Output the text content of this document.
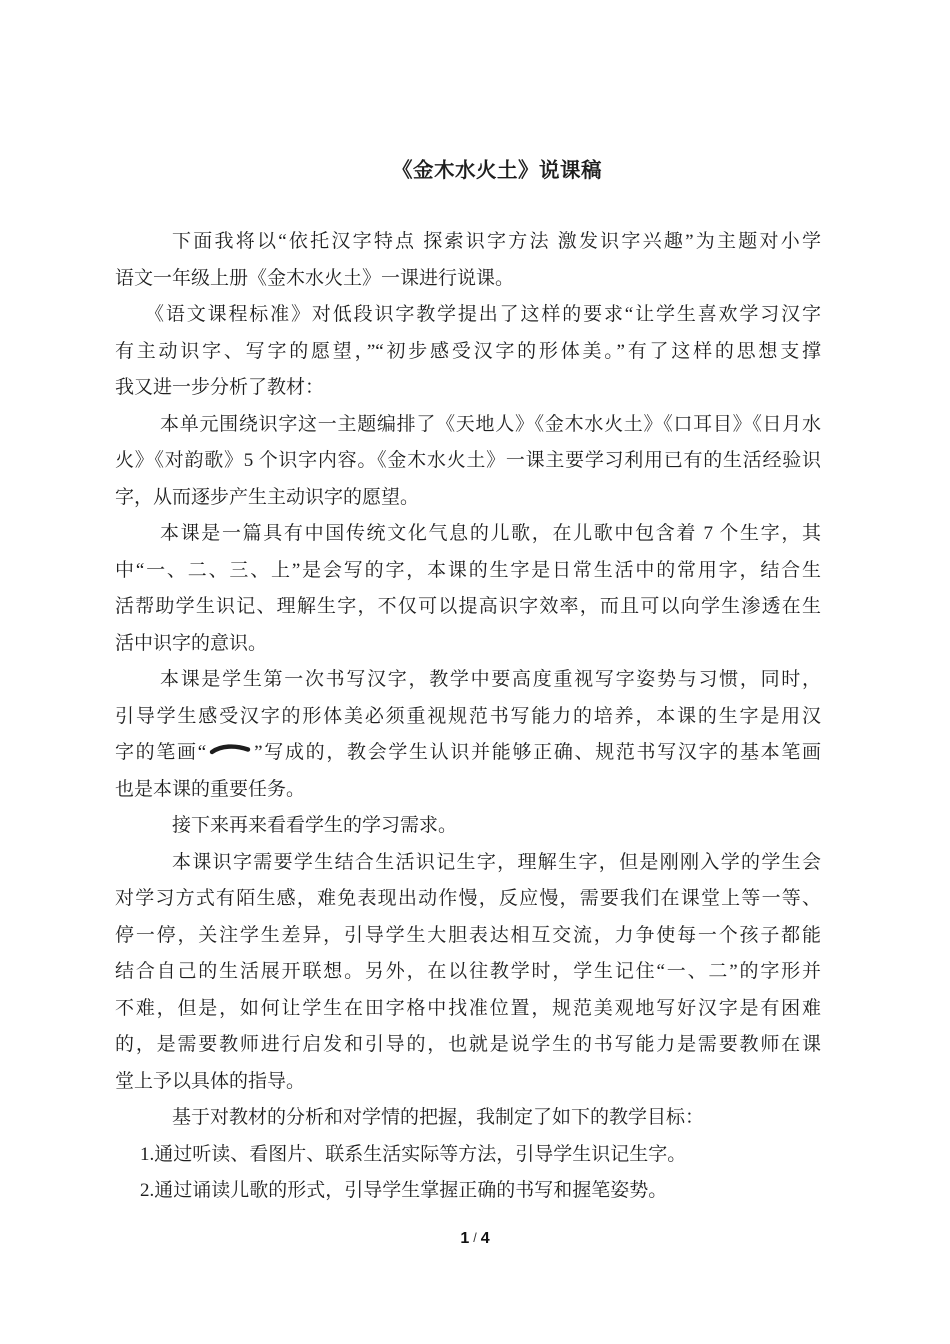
《金木水火土》说课稿
下面我将以“依托汉字特点 探索识字方法 激发识字兴趣”为主题对小学
语文一年级上册《金木水火土》一课进行说课。
《语文课程标准》对低段识字教学提出了这样的要求“让学生喜欢学习汉字
有主动识字、写字的愿望，”“初步感受汉字的形体美。”有了这样的思想支撑
我又进一步分析了教材：
本单元围绕识字这一主题编排了《天地人》《金木水火土》《口耳目》《日月水
火》《对韵歌》5 个识字内容。《金木水火土》一课主要学习利用已有的生活经验识
字，从而逐步产生主动识字的愿望。
本课是一篇具有中国传统文化气息的儿歌，在儿歌中包含着 7 个生字，其
中“一、二、三、上”是会写的字，本课的生字是日常生活中的常用字，结合生
活帮助学生识记、理解生字，不仅可以提高识字效率，而且可以向学生渗透在生
活中识字的意识。
本课是学生第一次书写汉字，教学中要高度重视写字姿势与习惯，同时，
引导学生感受汉字的形体美必须重视规范书写能力的培养，本课的生字是用汉
字的笔画“	”写成的，教会学生认识并能够正确、规范书写汉字的基本笔画
也是本课的重要任务。
接下来再来看看学生的学习需求。
本课识字需要学生结合生活识记生字，理解生字，但是刚刚入学的学生会
对学习方式有陌生感，难免表现出动作慢，反应慢，需要我们在课堂上等一等、
停一停，关注学生差异，引导学生大胆表达相互交流，力争使每一个孩子都能
结合自己的生活展开联想。另外，在以往教学时，学生记住“一、二”的字形并
不难，但是，如何让学生在田字格中找准位置，规范美观地写好汉字是有困难
的，是需要教师进行启发和引导的，也就是说学生的书写能力是需要教师在课
堂上予以具体的指导。
基于对教材的分析和对学情的把握，我制定了如下的教学目标：
1.通过听读、看图片、联系生活实际等方法，引导学生识记生字。
2.通过诵读儿歌的形式，引导学生掌握正确的书写和握笔姿势。
1 / 4
